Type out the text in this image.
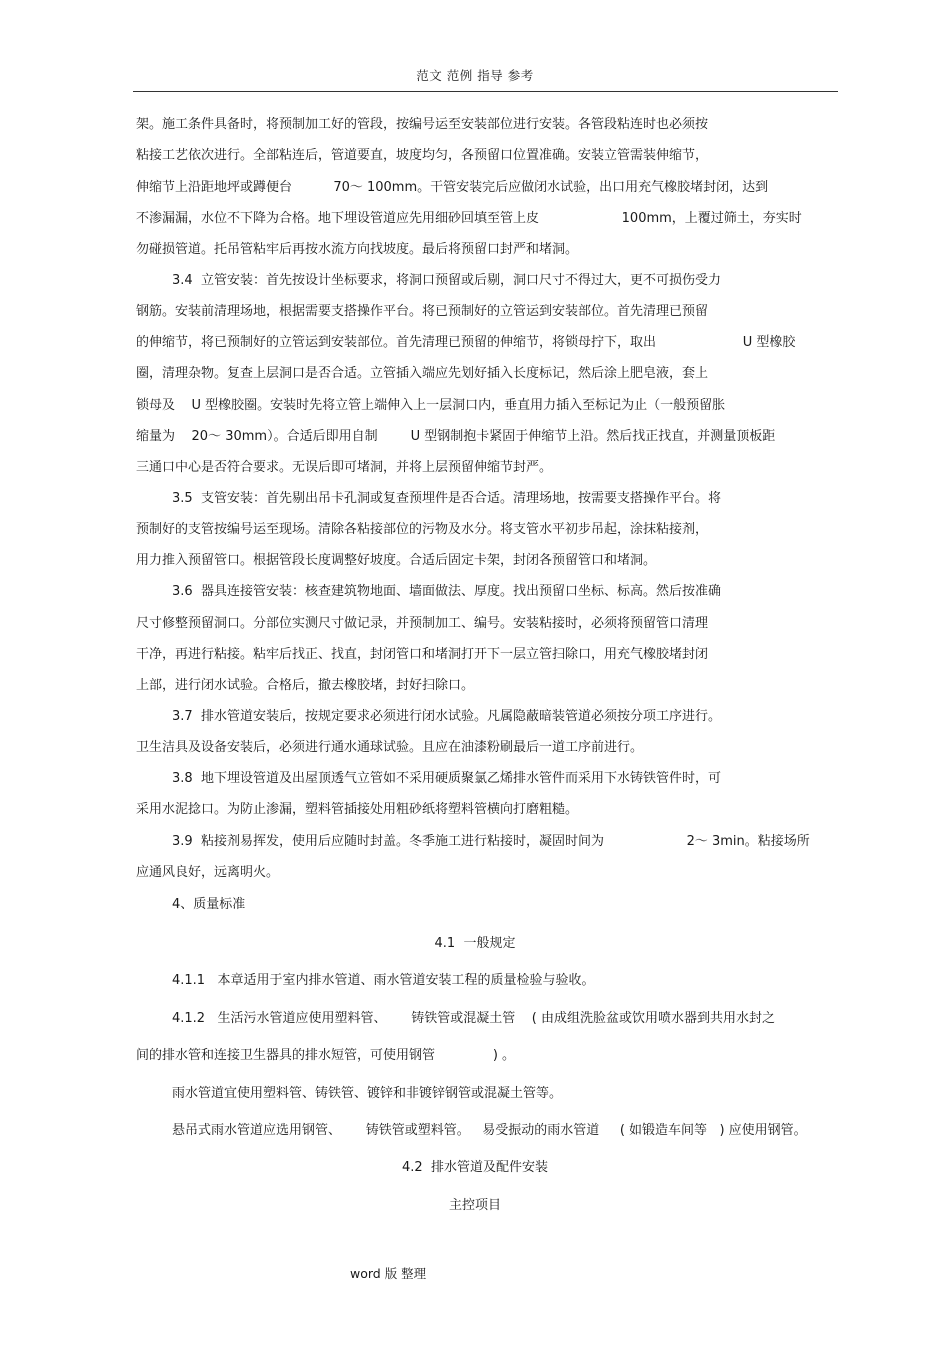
范文 范例 指导 参考
架。施工条件具备时，将预制加工好的管段，按编号运至安装部位进行安装。各管段粘连时也必须按
粘接工艺依次进行。全部粘连后，管道要直，坡度均匀，各预留口位置准确。安装立管需装伸缩节，
伸缩节上沿距地坪或蹲便台          70～ 100mm。干管安装完后应做闭水试验，出口用充气橡胶堵封闭，达到
不渗漏漏，水位不下降为合格。地下埋设管道应先用细砂回填至管上皮                    100mm，上覆过筛土，夯实时
勿碰损管道。托吊管粘牢后再按水流方向找坡度。最后将预留口封严和堵洞。
3.4  立管安装：首先按设计坐标要求，将洞口预留或后剔，洞口尺寸不得过大，更不可损伤受力
钢筋。安装前清理场地，根据需要支搭操作平台。将已预制好的立管运到安装部位。首先清理已预留
的伸缩节，将已预制好的立管运到安装部位。首先清理已预留的伸缩节，将锁母拧下，取出                     U 型橡胶
圈，清理杂物。复查上层洞口是否合适。立管插入端应先划好插入长度标记，然后涂上肥皂液，套上
锁母及    U 型橡胶圈。安装时先将立管上端伸入上一层洞口内，垂直用力插入至标记为止（一般预留胀
缩量为    20～ 30mm）。合适后即用自制        U 型钢制抱卡紧固于伸缩节上沿。然后找正找直，并测量顶板距
三通口中心是否符合要求。无误后即可堵洞，并将上层预留伸缩节封严。
3.5  支管安装：首先剔出吊卡孔洞或复查预埋件是否合适。清理场地，按需要支搭操作平台。将
预制好的支管按编号运至现场。清除各粘接部位的污物及水分。将支管水平初步吊起，涂抹粘接剂，
用力推入预留管口。根据管段长度调整好坡度。合适后固定卡架，封闭各预留管口和堵洞。
3.6  器具连接管安装：核查建筑物地面、墙面做法、厚度。找出预留口坐标、标高。然后按准确
尺寸修整预留洞口。分部位实测尺寸做记录，并预制加工、编号。安装粘接时，必须将预留管口清理
干净，再进行粘接。粘牢后找正、找直，封闭管口和堵洞打开下一层立管扫除口，用充气橡胶堵封闭
上部，进行闭水试验。合格后，撤去橡胶堵，封好扫除口。
3.7  排水管道安装后，按规定要求必须进行闭水试验。凡属隐蔽暗装管道必须按分项工序进行。
卫生洁具及设备安装后，必须进行通水通球试验。且应在油漆粉刷最后一道工序前进行。
3.8  地下埋设管道及出屋顶透气立管如不采用硬质聚氯乙烯排水管件而采用下水铸铁管件时，可
采用水泥捻口。为防止渗漏，塑料管插接处用粗砂纸将塑料管横向打磨粗糙。
3.9  粘接剂易挥发，使用后应随时封盖。冬季施工进行粘接时，凝固时间为                    2～ 3min。粘接场所
应通风良好，远离明火。
4、质量标准
4.1  一般规定
4.1.1   本章适用于室内排水管道、雨水管道安装工程的质量检验与验收。
4.1.2   生活污水管道应使用塑料管、      铸铁管或混凝土管    ( 由成组洗脸盆或饮用喷水器到共用水封之
间的排水管和连接卫生器具的排水短管，可使用钢管              ) 。
雨水管道宜使用塑料管、铸铁管、镀锌和非镀锌钢管或混凝土管等。
悬吊式雨水管道应选用钢管、      铸铁管或塑料管。   易受振动的雨水管道     ( 如锻造车间等   ) 应使用钢管。
4.2  排水管道及配件安装
主控项目
word 版 整理
